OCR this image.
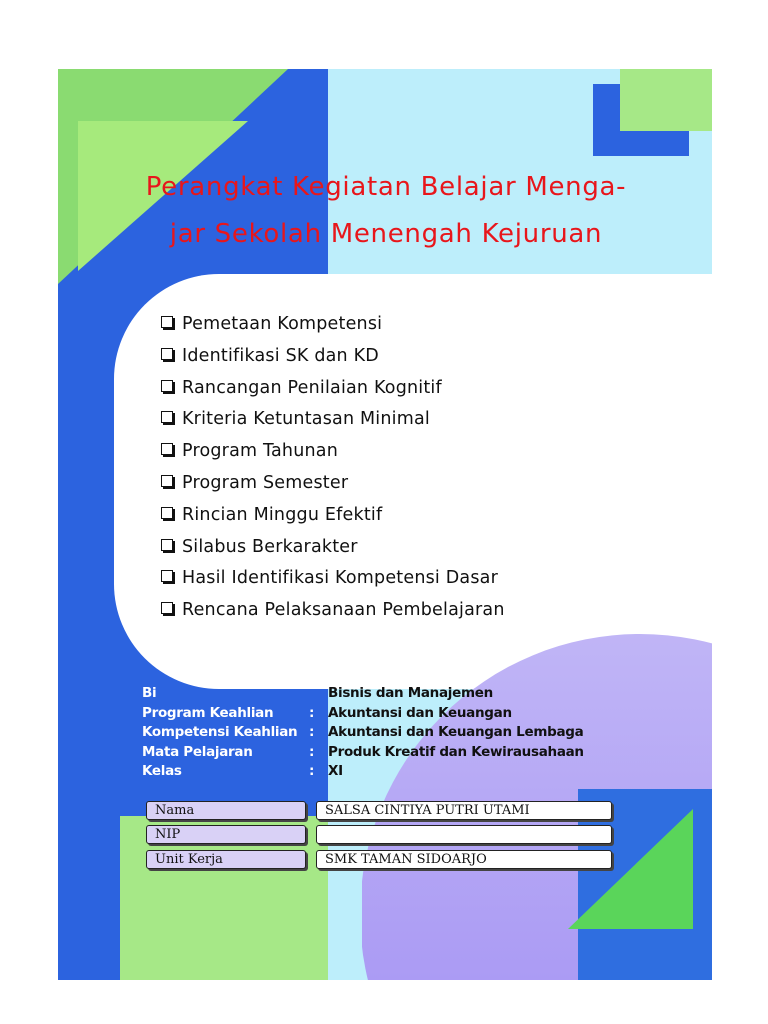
Perangkat Kegiatan Belajar Menga-
jar Sekolah Menengah Kejuruan
Pemetaan Kompetensi
Identifikasi SK dan KD
Rancangan Penilaian Kognitif
Kriteria Ketuntasan Minimal
Program Tahunan
Program Semester
Rincian Minggu Efektif
Silabus Berkarakter
Hasil Identifikasi Kompetensi Dasar
Rencana Pelaksanaan Pembelajaran
Bi	Bisnis dan Manajemen
Program Keahlian	: Akuntansi dan Keuangan
Kompetensi Keahlian : Akuntansi dan Keuangan Lembaga
Mata Pelajaran	: Produk Kreatif dan Kewirausahaan
Kelas	: XI
Nama	SALSA CINTIYA PUTRI UTAMI
NIP
Unit Kerja	SMK TAMAN SIDOARJO
